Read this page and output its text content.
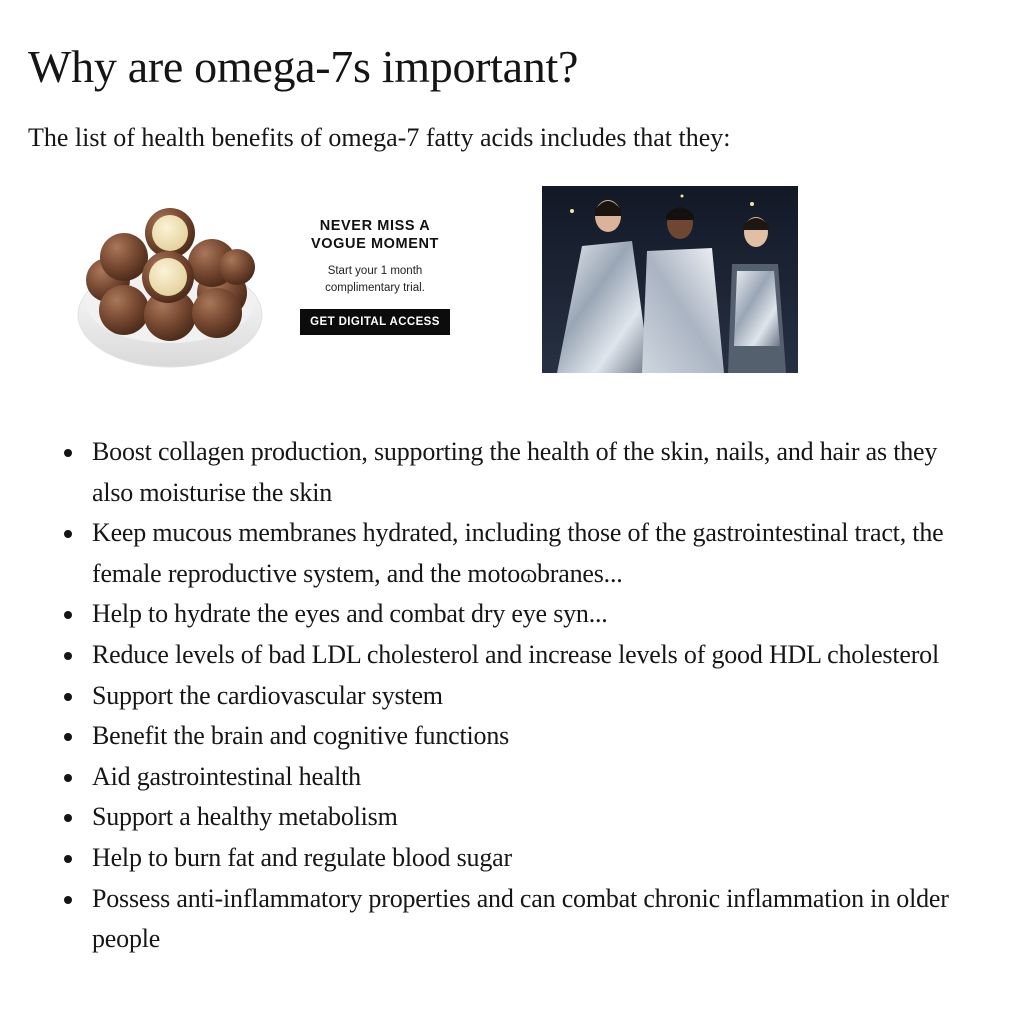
Why are omega-7s important?

The list of health benefits of omega-7 fatty acids includes that they:

NEVER MISS A
VOGUE MOMENT
Start your 1 month
complimentary trial.
GET DIGITAL ACCESS
Boost collagen production, supporting the health of the skin, nails, and hair as they also moisturise the skin
Keep mucous membranes hydrated, including those of the gastrointestinal tract, the female reproductive system, and the motoɷbranes...
Help to hydrate the eyes and combat dry eye syn...
Reduce levels of bad LDL cholesterol and increase levels of good HDL cholesterol
Support the cardiovascular system
Benefit the brain and cognitive functions
Aid gastrointestinal health
Support a healthy metabolism
Help to burn fat and regulate blood sugar
Possess anti-inflammatory properties and can combat chronic inflammation in older people
